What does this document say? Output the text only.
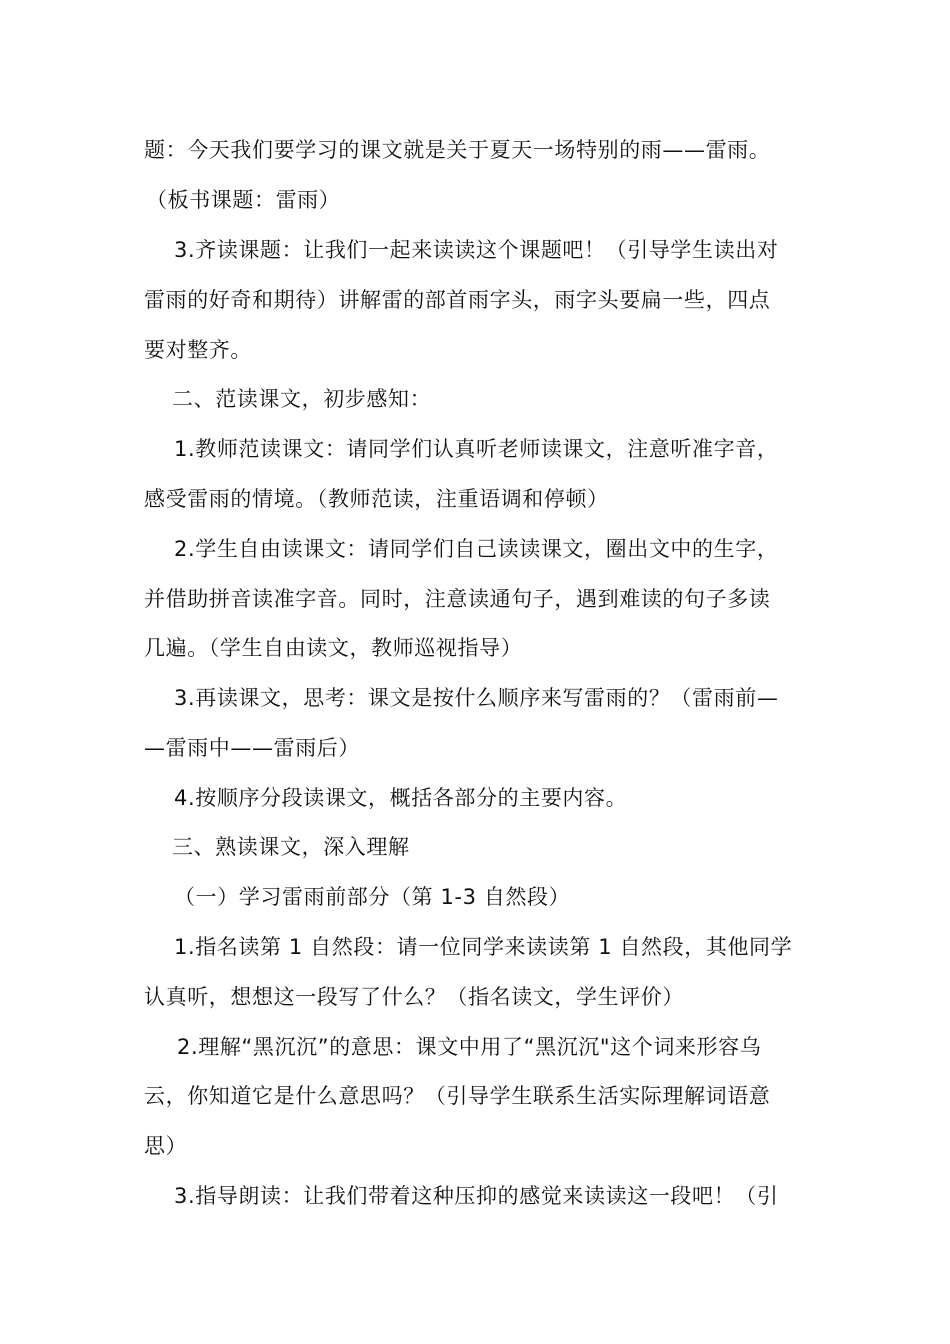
题：今天我们要学习的课文就是关于夏天一场特别的雨——雷雨。
（板书课题：雷雨）
3.齐读课题：让我们一起来读读这个课题吧！（引导学生读出对
雷雨的好奇和期待）讲解雷的部首雨字头，雨字头要扁一些，四点
要对整齐。
二、范读课文，初步感知：
1.教师范读课文：请同学们认真听老师读课文，注意听准字音，
感受雷雨的情境。（教师范读，注重语调和停顿）
2.学生自由读课文：请同学们自己读读课文，圈出文中的生字，
并借助拼音读准字音。同时，注意读通句子，遇到难读的句子多读
几遍。（学生自由读文，教师巡视指导）
3.再读课文，思考：课文是按什么顺序来写雷雨的？（雷雨前—
—雷雨中——雷雨后）
4.按顺序分段读课文，概括各部分的主要内容。
三、熟读课文，深入理解
（一）学习雷雨前部分（第 1-3 自然段）
1.指名读第 1 自然段：请一位同学来读读第 1 自然段，其他同学
认真听，想想这一段写了什么？（指名读文，学生评价）
2.理解“黑沉沉”的意思：课文中用了“黑沉沉"这个词来形容乌
云，你知道它是什么意思吗？（引导学生联系生活实际理解词语意
思）
3.指导朗读：让我们带着这种压抑的感觉来读读这一段吧！（引
